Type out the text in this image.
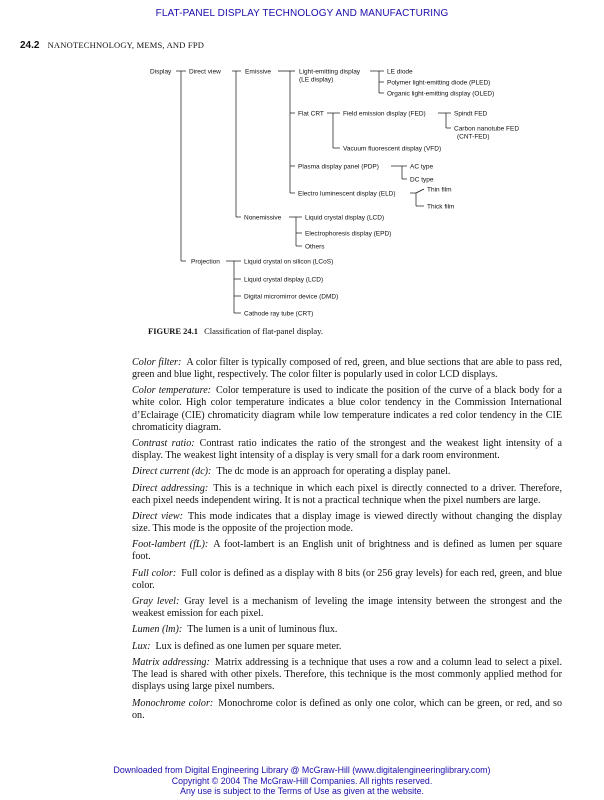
FLAT-PANEL DISPLAY TECHNOLOGY AND MANUFACTURING
24.2 NANOTECHNOLOGY, MEMS, AND FPD
Display	Direct view	Emissive	Light-emitting display
(LE display)
LE diode
Polymer light-emitting diode (PLED)
Organic light-emitting display (OLED)
Flat CRT	Field emission display (FED)	Spindt FED
Carbon nanotube FED
(CNT-FED)
Vacuum fluorescent display (VFD)
Plasma display panel (PDP)	AC type
DC type
Electro luminescent display (ELD)
Thin film
Thick film
Nonemissive	Liquid crystal display (LCD)
Electrophoresis display (EPD)
Others
Projection	Liquid crystal on silicon (LCoS)
Liquid crystal display (LCD)
Digital micromirror device (DMD)
Cathode ray tube (CRT)
FIGURE 24.1 Classification of flat-panel display.

Color filter: A color filter is typically composed of red, green, and blue sections that are able to pass red, green and blue light, respectively. The color filter is popularly used in color LCD displays.

Color temperature: Color temperature is used to indicate the position of the curve of a black body for a white color. High color temperature indicates a blue color tendency in the Commission International d’Eclairage (CIE) chromaticity diagram while low temperature indicates a red color tendency in the CIE chromaticity diagram.

Contrast ratio: Contrast ratio indicates the ratio of the strongest and the weakest light intensity of a display. The weakest light intensity of a display is very small for a dark room environment.

Direct current (dc): The dc mode is an approach for operating a display panel.

Direct addressing: This is a technique in which each pixel is directly connected to a driver. Therefore, each pixel needs independent wiring. It is not a practical technique when the pixel numbers are large.

Direct view: This mode indicates that a display image is viewed directly without changing the display size. This mode is the opposite of the projection mode.

Foot-lambert (fL): A foot-lambert is an English unit of brightness and is defined as lumen per square foot.

Full color: Full color is defined as a display with 8 bits (or 256 gray levels) for each red, green, and blue color.

Gray level: Gray level is a mechanism of leveling the image intensity between the strongest and the weakest emission for each pixel.

Lumen (lm): The lumen is a unit of luminous flux.

Lux: Lux is defined as one lumen per square meter.

Matrix addressing: Matrix addressing is a technique that uses a row and a column lead to select a pixel. The lead is shared with other pixels. Therefore, this technique is the most commonly applied method for displays using large pixel numbers.

Monochrome color: Monochrome color is defined as only one color, which can be green, or red, and so on.

Downloaded from Digital Engineering Library @ McGraw-Hill (www.digitalengineeringlibrary.com)
Copyright © 2004 The McGraw-Hill Companies. All rights reserved.
Any use is subject to the Terms of Use as given at the website.
